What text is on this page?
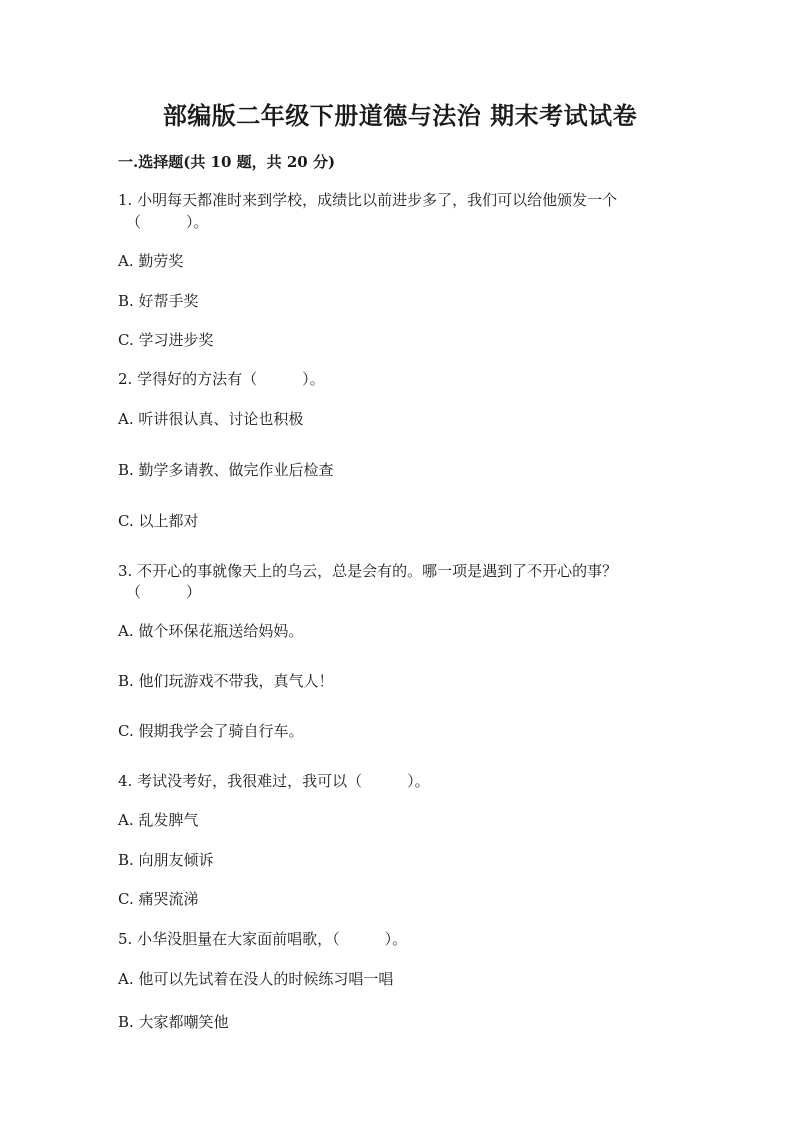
部编版二年级下册道德与法治 期末考试试卷
一.选择题(共 10 题，共 20 分)
1. 小明每天都准时来到学校，成绩比以前进步多了，我们可以给他颁发一个
（　　　）。
A. 勤劳奖
B. 好帮手奖
C. 学习进步奖
2. 学得好的方法有（　　　）。
A. 听讲很认真、讨论也积极
B. 勤学多请教、做完作业后检查
C. 以上都对
3. 不开心的事就像天上的乌云，总是会有的。哪一项是遇到了不开心的事？
（　　　）
A. 做个环保花瓶送给妈妈。
B. 他们玩游戏不带我，真气人！
C. 假期我学会了骑自行车。
4. 考试没考好，我很难过，我可以（　　　）。
A. 乱发脾气
B. 向朋友倾诉
C. 痛哭流涕
5. 小华没胆量在大家面前唱歌，（　　　）。
A. 他可以先试着在没人的时候练习唱一唱
B. 大家都嘲笑他
